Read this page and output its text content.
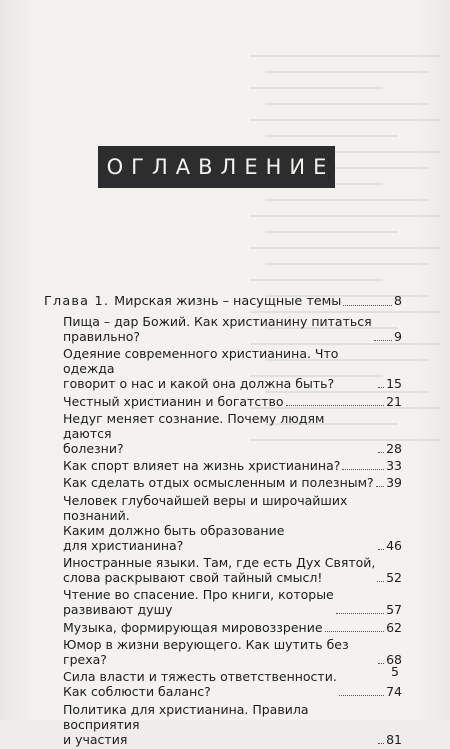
ОГЛАВЛЕНИЕ

Глава 1. Мирская жизнь – насущные темы	8
Пища – дар Божий. Как христианину питаться
правильно?	9
Одеяние современного христианина. Что одежда
говорит о нас и какой она должна быть?	15
Честный христианин и богатство	21
Недуг меняет сознание. Почему людям даются
болезни?	28
Как спорт влияет на жизнь христианина?	33
Как сделать отдых осмысленным и полезным? 39
Человек глубочайшей веры и широчайших познаний.
Каким должно быть образование
для христианина?	46
Иностранные языки. Там, где есть Дух Святой,
слова раскрывают свой тайный смысл!	52
Чтение во спасение. Про книги, которые
развивают душу	57
Музыка, формирующая мировоззрение	62
Юмор в жизни верующего. Как шутить без греха?	68
Сила власти и тяжесть ответственности.
Как соблюсти баланс?	74
Политика для христианина. Правила восприятия
и участия	81
5
